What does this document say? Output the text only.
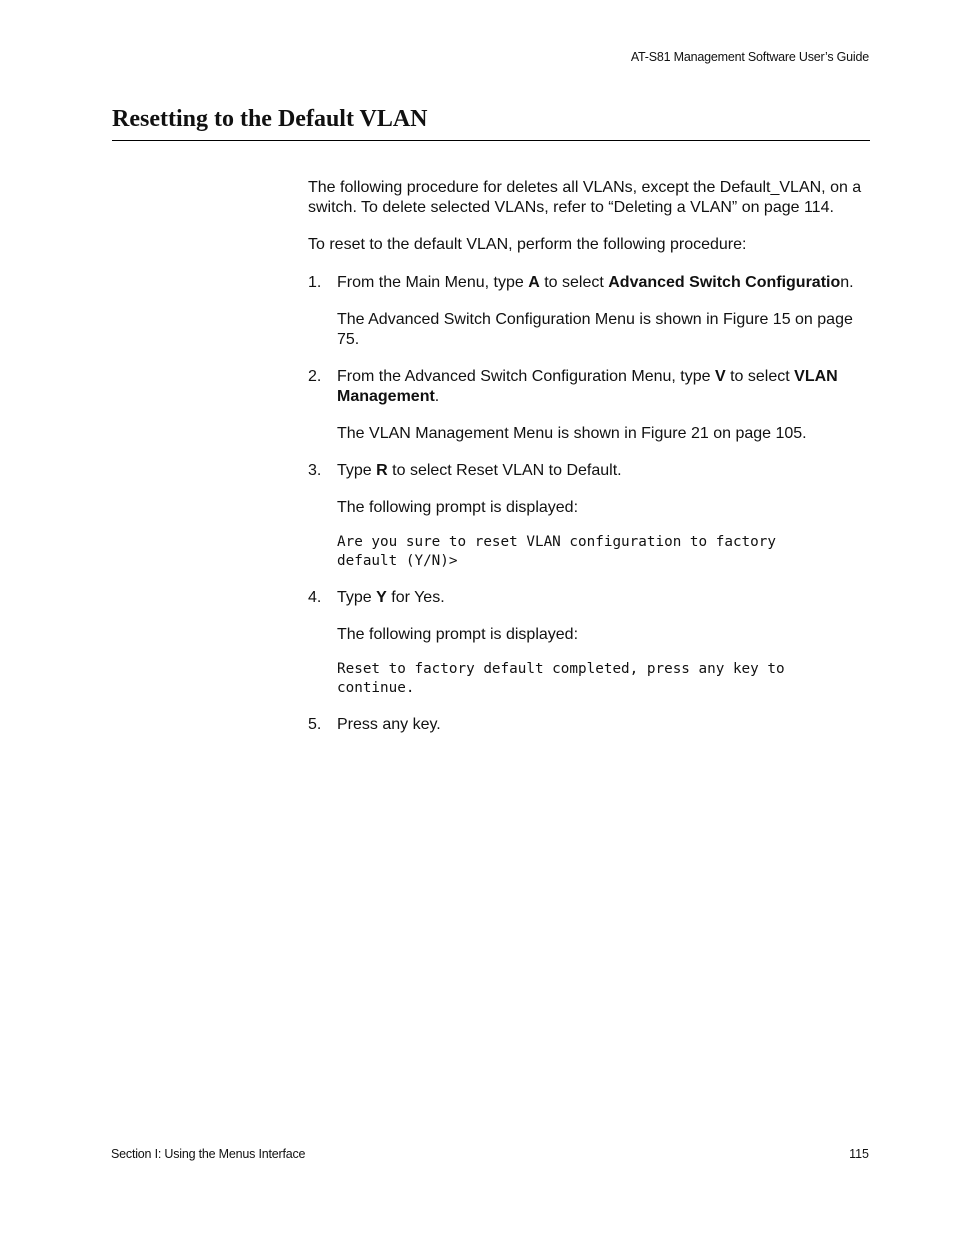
AT-S81 Management Software User’s Guide
Resetting to the Default VLAN

The following procedure for deletes all VLANs, except the Default_VLAN, on a switch. To delete selected VLANs, refer to “Deleting a VLAN” on page 114.

To reset to the default VLAN, perform the following procedure:

1. From the Main Menu, type A to select Advanced Switch Configuration.

The Advanced Switch Configuration Menu is shown in Figure 15 on page 75.

2. From the Advanced Switch Configuration Menu, type V to select VLAN Management.

The VLAN Management Menu is shown in Figure 21 on page 105.

3. Type R to select Reset VLAN to Default.

The following prompt is displayed:

Are you sure to reset VLAN configuration to factory
default (Y/N)>
4. Type Y for Yes.

The following prompt is displayed:

Reset to factory default completed, press any key to
continue.
5. Press any key.

Section I: Using the Menus Interface	115
